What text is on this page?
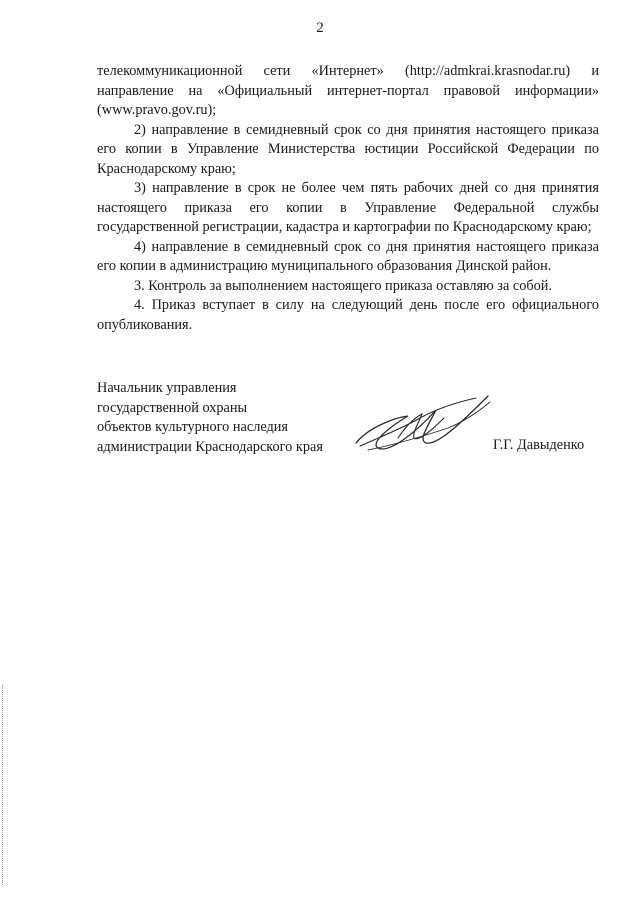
2

телекоммуникационной сети «Интернет» (http://admkrai.krasnodar.ru) и направление на «Официальный интернет-портал правовой информации» (www.pravo.gov.ru);

2) направление в семидневный срок со дня принятия настоящего приказа его копии в Управление Министерства юстиции Российской Федерации по Краснодарскому краю;

3) направление в срок не более чем пять рабочих дней со дня принятия настоящего приказа его копии в Управление Федеральной службы государственной регистрации, кадастра и картографии по Краснодарскому краю;

4) направление в семидневный срок со дня принятия настоящего приказа его копии в администрацию муниципального образования Динской район.

3. Контроль за выполнением настоящего приказа оставляю за собой.

4. Приказ вступает в силу на следующий день после его официального опубликования.

Начальник управления
государственной охраны
объектов культурного наследия
администрации Краснодарского края	Г.Г. Давыденко
